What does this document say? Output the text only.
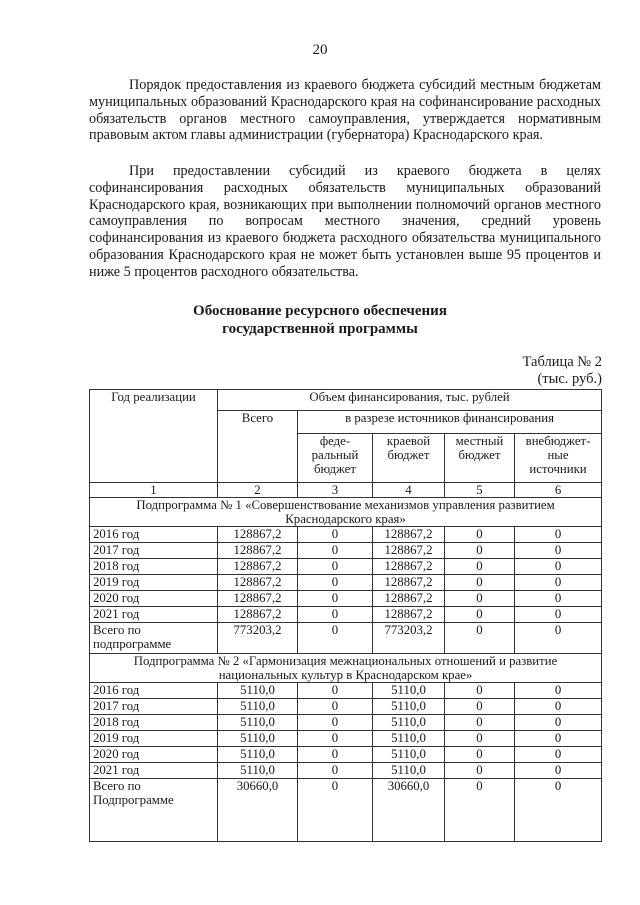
20

Порядок предоставления из краевого бюджета субсидий местным бюджетам муниципальных образований Краснодарского края на софинансирование расходных обязательств органов местного самоуправления, утверждается нормативным правовым актом главы администрации (губернатора) Краснодарского края.

При предоставлении субсидий из краевого бюджета в целях софинансирования расходных обязательств муниципальных образований Краснодарского края, возникающих при выполнении полномочий органов местного самоуправления по вопросам местного значения, средний уровень софинансирования из краевого бюджета расходного обязательства муниципального образования Краснодарского края не может быть установлен выше 95 процентов и ниже 5 процентов расходного обязательства.

Обоснование ресурсного обеспечения
государственной программы
Таблица № 2
(тыс. руб.)
Год реализации	Объем финансирования, тыс. рублей				
	Всего	в разрезе источников финансирования			
		феде-ральный бюджет	краевой бюджет	местный бюджет	внебюджет-ные источники
1	2	3	4	5	6
Подпрограмма № 1 «Совершенствование механизмов управления развитием Краснодарского края»					
2016 год	128867,2	0	128867,2	0	0
2017 год	128867,2	0	128867,2	0	0
2018 год	128867,2	0	128867,2	0	0
2019 год	128867,2	0	128867,2	0	0
2020 год	128867,2	0	128867,2	0	0
2021 год	128867,2	0	128867,2	0	0
Всего по подпрограмме	773203,2	0	773203,2	0	0
Подпрограмма № 2 «Гармонизация межнациональных отношений и развитие национальных культур в Краснодарском крае»					
2016 год	5110,0	0	5110,0	0	0
2017 год	5110,0	0	5110,0	0	0
2018 год	5110,0	0	5110,0	0	0
2019 год	5110,0	0	5110,0	0	0
2020 год	5110,0	0	5110,0	0	0
2021 год	5110,0	0	5110,0	0	0
Всего по Подпрограмме	30660,0	0	30660,0	0	0
